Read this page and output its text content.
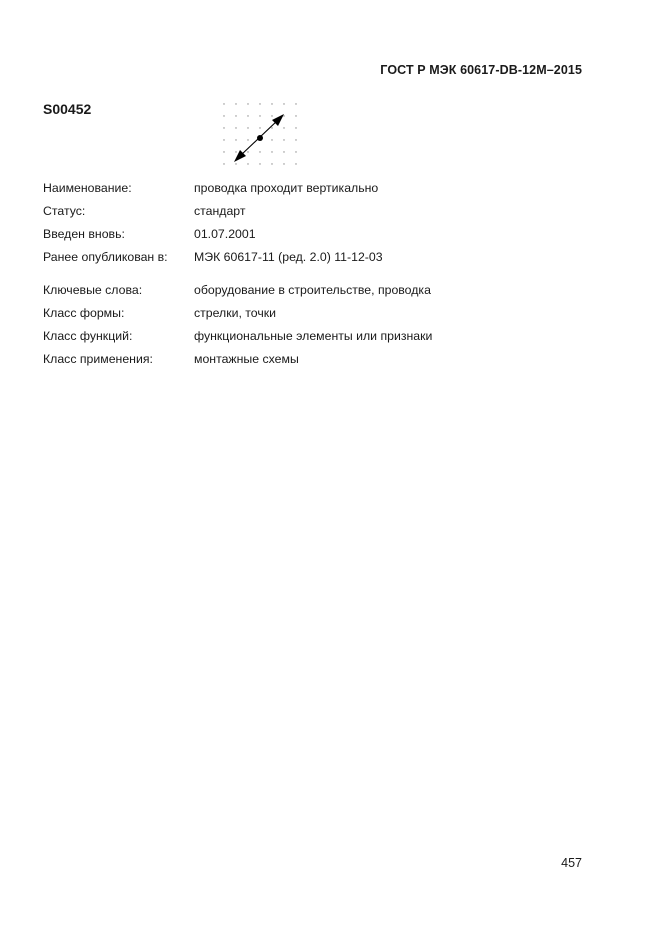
ГОСТ Р МЭК 60617-DB-12M–2015
S00452
Наименование:	проводка проходит вертикально
Статус:	стандарт
Введен вновь:	01.07.2001
Ранее опубликован в:	МЭК 60617-11 (ред. 2.0) 11-12-03
Ключевые слова:	оборудование в строительстве, проводка
Класс формы:	стрелки, точки
Класс функций:	функциональные элементы или признаки
Класс применения:	монтажные схемы
457
